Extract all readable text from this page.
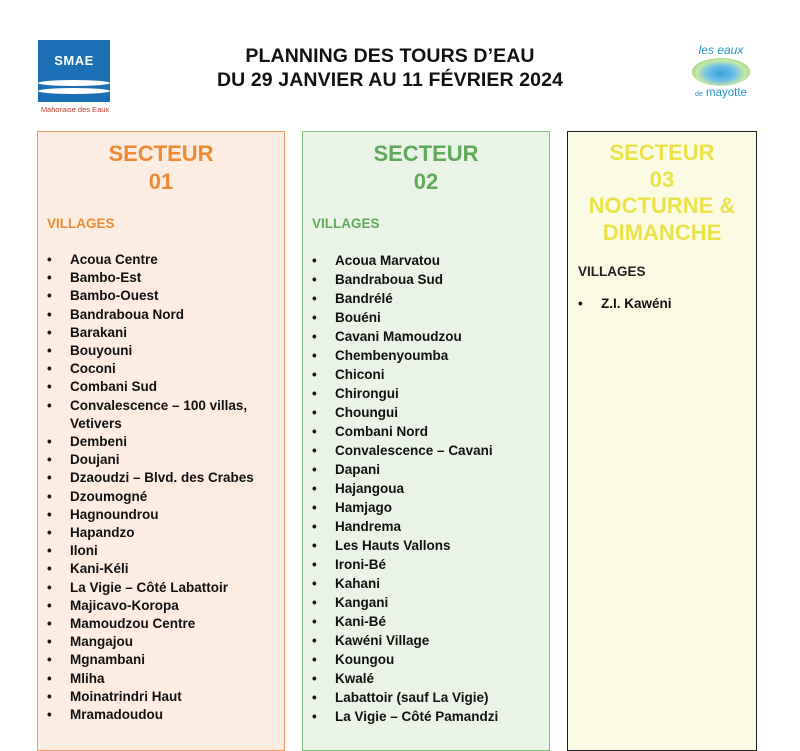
SMAE
Mahoraise des Eaux
PLANNING DES TOURS D’EAU
DU 29 JANVIER AU 11 FÉVRIER 2024
les eaux
de mayotte
SECTEUR
01
VILLAGES
• Acoua Centre
• Bambo-Est
• Bambo-Ouest
• Bandraboua Nord
• Barakani
• Bouyouni
• Coconi
• Combani Sud
• Convalescence – 100 villas, Vetivers
• Dembeni
• Doujani
• Dzaoudzi – Blvd. des Crabes
• Dzoumogné
• Hagnoundrou
• Hapandzo
• Iloni
• Kani-Kéli
• La Vigie – Côté Labattoir
• Majicavo-Koropa
• Mamoudzou Centre
• Mangajou
• Mgnambani
• Mliha
• Moinatrindri Haut
• Mramadoudou
SECTEUR
02
VILLAGES
• Acoua Marvatou
• Bandraboua Sud
• Bandrélé
• Bouéni
• Cavani Mamoudzou
• Chembenyoumba
• Chiconi
• Chirongui
• Choungui
• Combani Nord
• Convalescence – Cavani
• Dapani
• Hajangoua
• Hamjago
• Handrema
• Les Hauts Vallons
• Ironi-Bé
• Kahani
• Kangani
• Kani-Bé
• Kawéni Village
• Koungou
• Kwalé
• Labattoir (sauf La Vigie)
• La Vigie – Côté Pamandzi
SECTEUR
03
NOCTURNE &
DIMANCHE
VILLAGES
• Z.I. Kawéni
